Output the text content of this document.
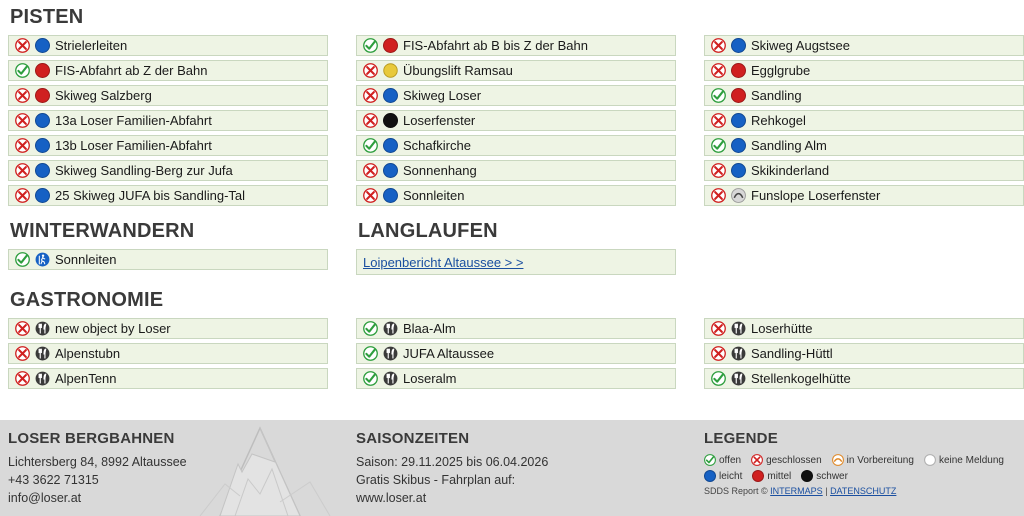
PISTEN
Strielerleiten
FIS-Abfahrt ab Z der Bahn
Skiweg Salzberg
13a Loser Familien-Abfahrt
13b Loser Familien-Abfahrt
Skiweg Sandling-Berg zur Jufa
25 Skiweg JUFA bis Sandling-Tal
FIS-Abfahrt ab B bis Z der Bahn
Übungslift Ramsau
Skiweg Loser
Loserfenster
Schafkirche
Sonnenhang
Sonnleiten
Skiweg Augstsee
Egglgrube
Sandling
Rehkogel
Sandling Alm
Skikinderland
Funslope Loserfenster
WINTERWANDERN
Sonnleiten
LANGLAUFEN
Loipenbericht Altaussee > >
GASTRONOMIE
new object by Loser
Alpenstubn
AlpenTenn
Blaa-Alm
JUFA Altaussee
Loseralm
Loserhütte
Sandling-Hüttl
Stellenkogelhütte
LOSER BERGBAHNEN

Lichtersberg 84, 8992 Altaussee

+43 3622 71315

info@loser.at

SAISONZEITEN

Saison: 29.11.2025 bis 06.04.2026

Gratis Skibus - Fahrplan auf:

www.loser.at

LEGENDE
offen	geschlossen	in Vorbereitung	keine Meldung
leicht	mittel	schwer
SDDS Report © INTERMAPS | DATENSCHUTZ
